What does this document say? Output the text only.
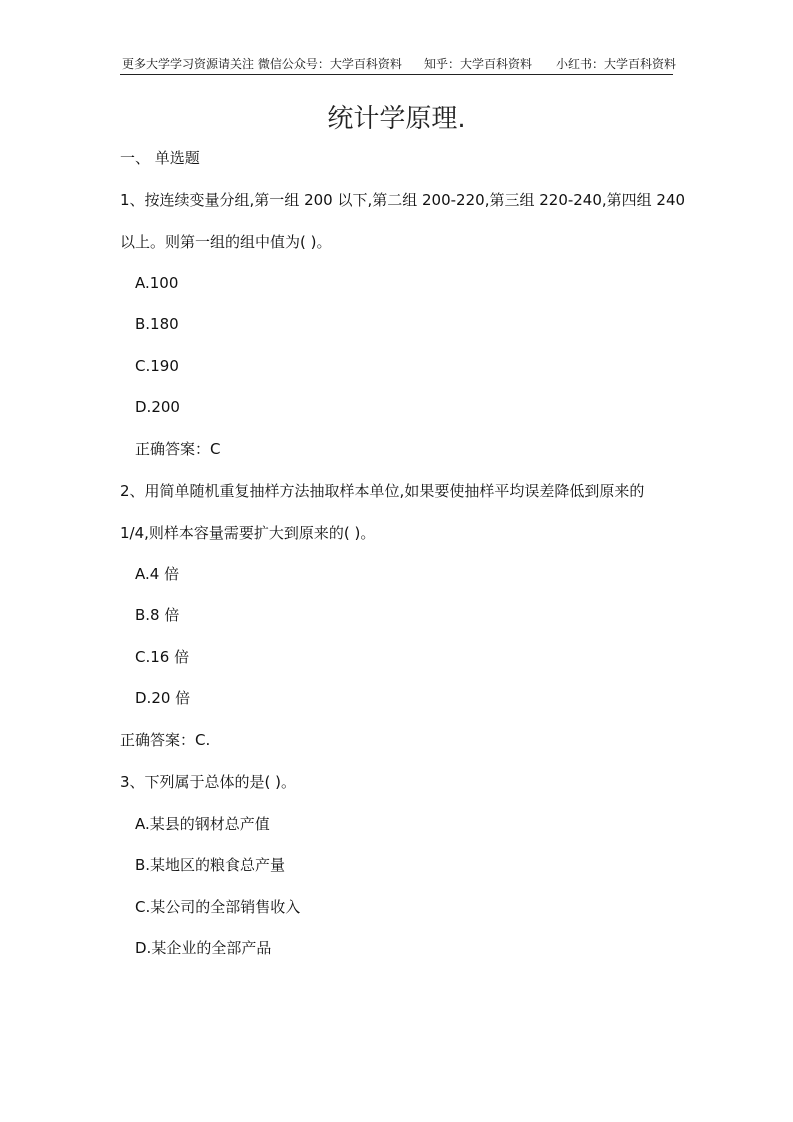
更多大学学习资源请关注 微信公众号：大学百科资料 知乎：大学百科资料 小红书：大学百科资料
统计学原理.
一、 单选题
1、按连续变量分组,第一组 200 以下,第二组 200-220,第三组 220-240,第四组 240
以上。则第一组的组中值为( )。
A.100
B.180
C.190
D.200
正确答案：C
2、用简单随机重复抽样方法抽取样本单位,如果要使抽样平均误差降低到原来的
1/4,则样本容量需要扩大到原来的( )。
A.4 倍
B.8 倍
C.16 倍
D.20 倍
正确答案：C.
3、下列属于总体的是( )。
A.某县的钢材总产值
B.某地区的粮食总产量
C.某公司的全部销售收入
D.某企业的全部产品
